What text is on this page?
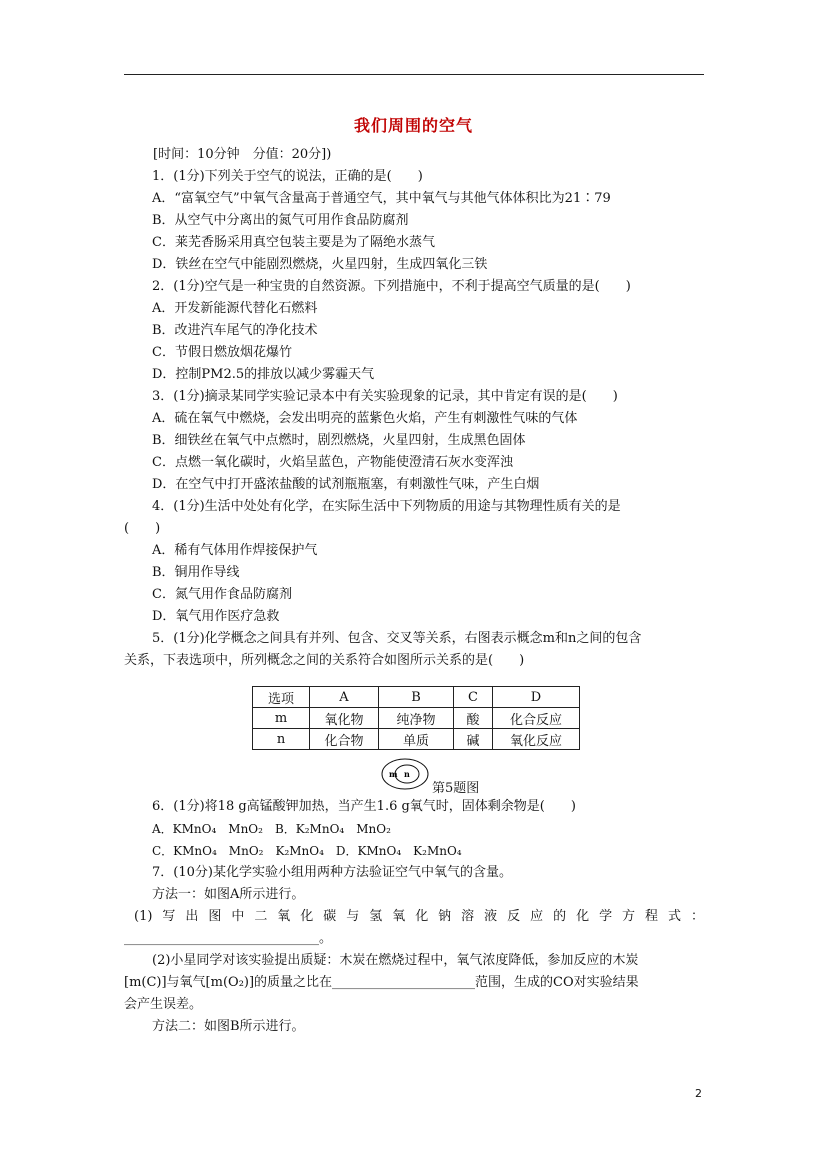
我们周围的空气
[时间：10分钟　分值：20分])
1．(1分)下列关于空气的说法，正确的是(　　)
A．“富氧空气”中氧气含量高于普通空气，其中氧气与其他气体体积比为21∶79
B．从空气中分离出的氮气可用作食品防腐剂
C．莱芜香肠采用真空包装主要是为了隔绝水蒸气
D．铁丝在空气中能剧烈燃烧，火星四射，生成四氧化三铁
2．(1分)空气是一种宝贵的自然资源。下列措施中，不利于提高空气质量的是(　　)
A．开发新能源代替化石燃料
B．改进汽车尾气的净化技术
C．节假日燃放烟花爆竹
D．控制PM2.5的排放以减少雾霾天气
3．(1分)摘录某同学实验记录本中有关实验现象的记录，其中肯定有误的是(　　)
A．硫在氧气中燃烧，会发出明亮的蓝紫色火焰，产生有刺激性气味的气体
B．细铁丝在氧气中点燃时，剧烈燃烧，火星四射，生成黑色固体
C．点燃一氧化碳时，火焰呈蓝色，产物能使澄清石灰水变浑浊
D．在空气中打开盛浓盐酸的试剂瓶瓶塞，有刺激性气味，产生白烟
4．(1分)生活中处处有化学，在实际生活中下列物质的用途与其物理性质有关的是
(　　)
A．稀有气体用作焊接保护气
B．铜用作导线
C．氮气用作食品防腐剂
D．氧气用作医疗急救
5．(1分)化学概念之间具有并列、包含、交叉等关系，右图表示概念m和n之间的包含
关系，下表选项中，所列概念之间的关系符合如图所示关系的是(　　)
选项	A	B	C	D
m	氧化物	纯净物	酸	化合反应
n	化合物	单质	碱	氧化反应
m n
第5题图
6．(1分)将18 g高锰酸钾加热，当产生1.6 g氧气时，固体剩余物是(　　)
A．KMnO₄　MnO₂　B．K₂MnO₄　MnO₂
C．KMnO₄　MnO₂　K₂MnO₄　D．KMnO₄　K₂MnO₄
7．(10分)某化学实验小组用两种方法验证空气中氧气的含量。
方法一：如图A所示进行。
(1)写出图中二氧化碳与氢氧化钠溶液反应的化学方程式：
______________________________。
(2)小星同学对该实验提出质疑：木炭在燃烧过程中，氧气浓度降低，参加反应的木炭
[m(C)]与氧气[m(O₂)]的质量之比在______________________范围，生成的CO对实验结果
会产生误差。
方法二：如图B所示进行。
2
